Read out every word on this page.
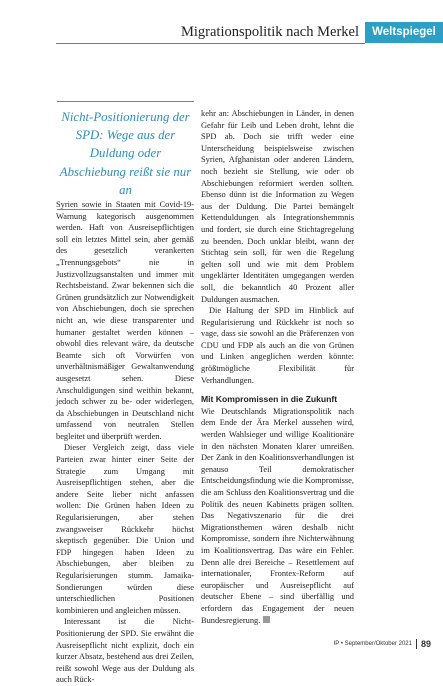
Migrationspolitik nach Merkel	Weltspiegel
Nicht-Positionierung der SPD: Wege aus der Duldung oder Abschiebung reißt sie nur an

Syrien sowie in Staaten mit Covid-19-Warnung kategorisch ausgenommen werden. Haft von Ausreisepflichtigen soll ein letztes Mittel sein, aber gemäß des gesetzlich verankerten „Trennungsgebots“ nie in Justizvollzugsanstalten und immer mit Rechtsbeistand. Zwar bekennen sich die Grünen grundsätzlich zur Notwendigkeit von Abschiebungen, doch sie sprechen nicht an, wie diese transparenter und humaner gestaltet werden können – obwohl dies relevant wäre, da deutsche Beamte sich oft Vorwürfen von unverhältnismäßiger Gewaltanwendung ausgesetzt sehen. Diese Anschuldigungen sind weithin bekannt, jedoch schwer zu be- oder widerlegen, da Abschiebungen in Deutschland nicht umfassend von neutralen Stellen begleitet und überprüft werden.

Dieser Vergleich zeigt, dass viele Parteien zwar hinter einer Seite der Strategie zum Umgang mit Ausreisepflichtigen stehen, aber die andere Seite lieber nicht anfassen wollen: Die Grünen haben Ideen zu Regularisierungen, aber stehen zwangsweiser Rückkehr höchst skeptisch gegenüber. Die Union und FDP hingegen haben Ideen zu Abschiebungen, aber bleiben zu Regularisierungen stumm. Jamaika-Sondierungen würden diese unterschiedlichen Positionen kombinieren und angleichen müssen.

Interessant ist die Nicht-Positionierung der SPD. Sie erwähnt die Ausreisepflicht nicht explizit, doch ein kurzer Absatz, bestehend aus drei Zeilen, reißt sowohl Wege aus der Duldung als auch Rück-

kehr an: Abschiebungen in Länder, in denen Gefahr für Leib und Leben droht, lehnt die SPD ab. Doch sie trifft weder eine Unterscheidung beispielsweise zwischen Syrien, Afghanistan oder anderen Ländern, noch bezieht sie Stellung, wie oder ob Abschiebungen reformiert werden sollten. Ebenso dünn ist die Information zu Wegen aus der Duldung. Die Partei bemängelt Kettenduldungen als Integrationshemmnis und fordert, sie durch eine Stichtagregelung zu beenden. Doch unklar bleibt, wann der Stichtag sein soll, für wen die Regelung gelten soll und wie mit dem Problem ungeklärter Identitäten umgegangen werden soll, die bekanntlich 40 Prozent aller Duldungen ausmachen.

Die Haltung der SPD im Hinblick auf Regularisierung und Rückkehr ist noch so vage, dass sie sowohl an die Präferenzen von CDU und FDP als auch an die von Grünen und Linken angeglichen werden könnte: größtmögliche Flexibilität für Verhandlungen.

Mit Kompromissen in die Zukunft

Wie Deutschlands Migrationspolitik nach dem Ende der Ära Merkel aussehen wird, werden Wahlsieger und willige Koalitionäre in den nächsten Monaten klarer umreißen. Der Zank in den Koalitionsverhandlungen ist genauso Teil demokratischer Entscheidungsfindung wie die Kompromisse, die am Schluss den Koalitionsvertrag und die Politik des neuen Kabinetts prägen sollten. Das Negativszenario für die drei Migrationsthemen wären deshalb nicht Kompromisse, sondern ihre Nichterwähnung im Koalitionsvertrag. Das wäre ein Fehler. Denn alle drei Bereiche – Resettlement auf internationaler, Frontex-Reform auf europäischer und Ausreisepflicht auf deutscher Ebene – sind überfällig und erfordern das Engagement der neuen Bundesregierung.

IP • September/Oktober 2021 89
